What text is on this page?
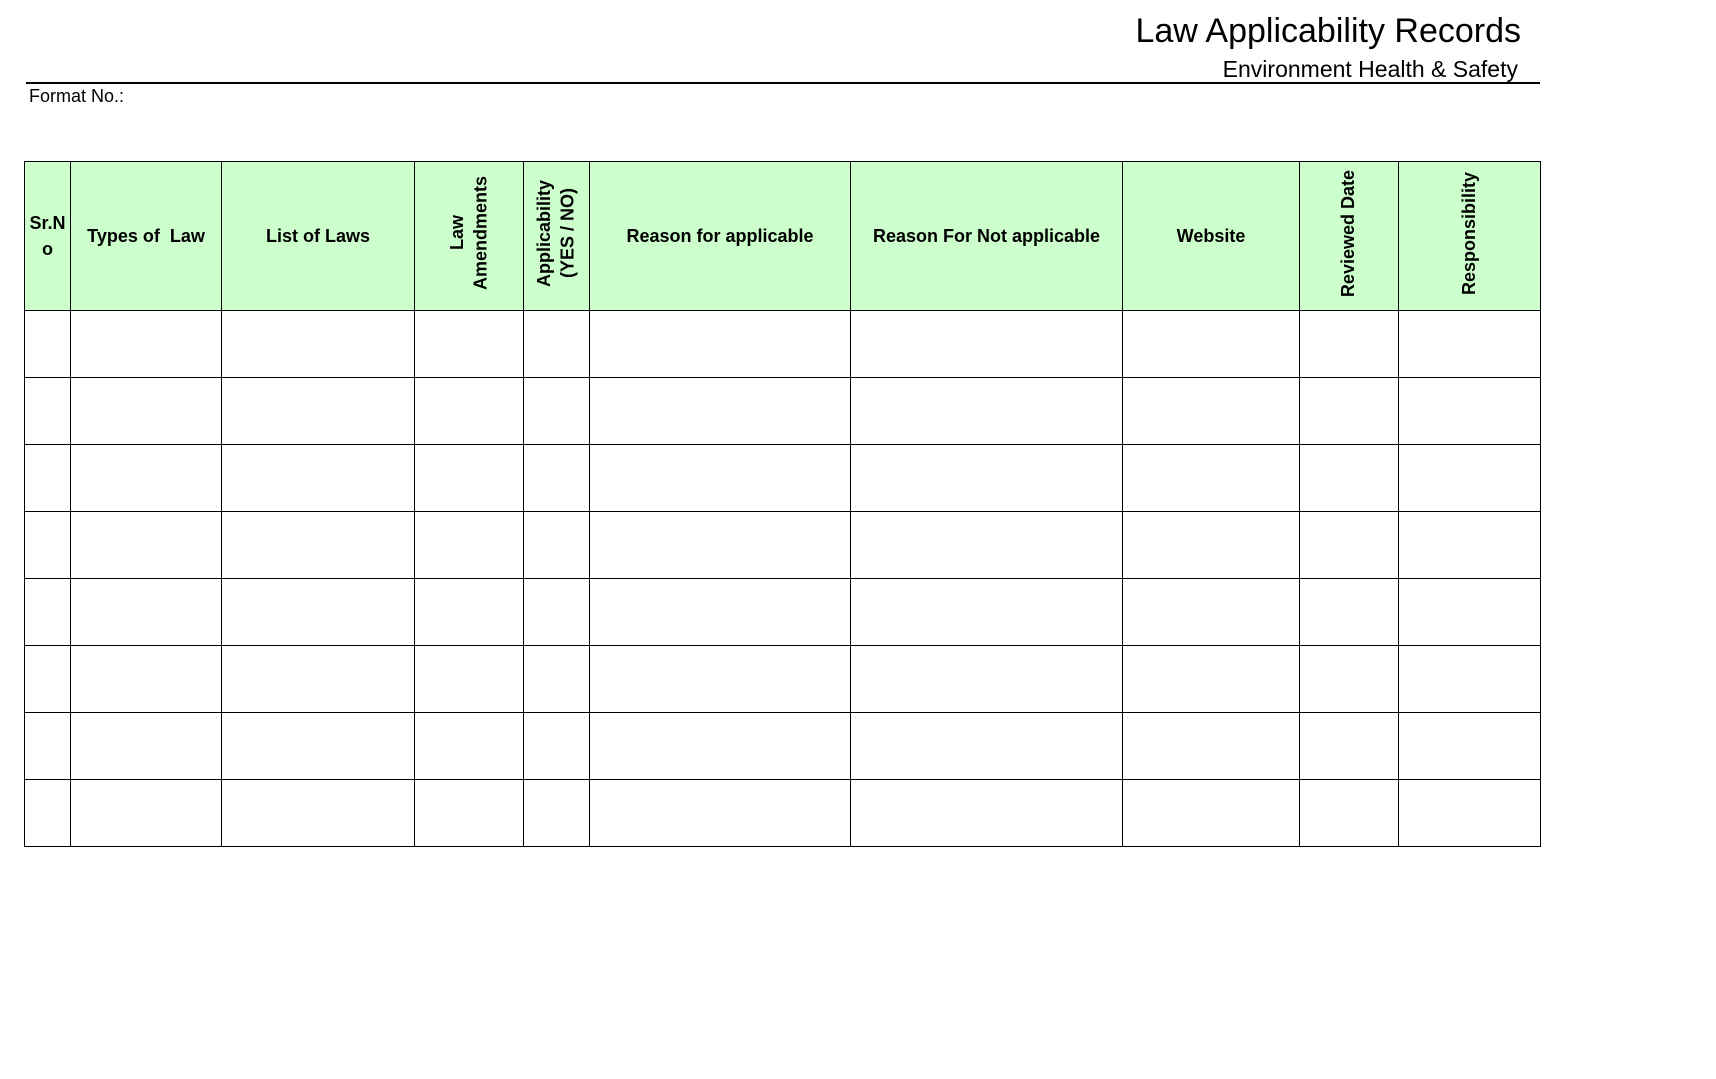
Law Applicability Records
Environment Health & Safety
Format No.:
Sr.No	Types of  Law	List of Laws	Law Amendments	Applicability (YES / NO)	Reason for applicable	Reason For Not applicable	Website	Reviewed Date	Responsibility
